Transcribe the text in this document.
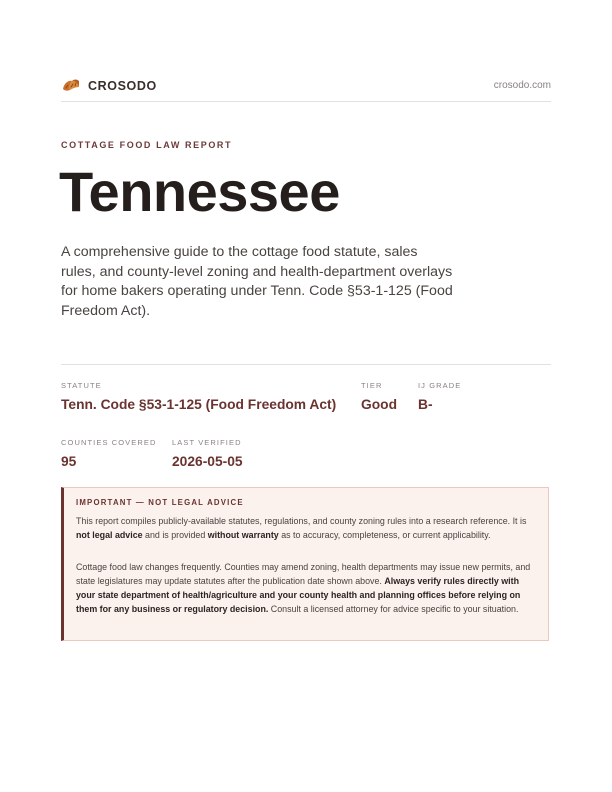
CROSODO	crosodo.com
COTTAGE FOOD LAW REPORT
Tennessee

A comprehensive guide to the cottage food statute, sales rules, and county-level zoning and health-department overlays for home bakers operating under Tenn. Code §53-1-125 (Food Freedom Act).

STATUTE
Tenn. Code §53-1-125 (Food Freedom Act)
TIER
Good
IJ GRADE
B-
COUNTIES COVERED
95
LAST VERIFIED
2026-05-05
IMPORTANT — NOT LEGAL ADVICE

This report compiles publicly-available statutes, regulations, and county zoning rules into a research reference. It is not legal advice and is provided without warranty as to accuracy, completeness, or current applicability.

Cottage food law changes frequently. Counties may amend zoning, health departments may issue new permits, and state legislatures may update statutes after the publication date shown above. Always verify rules directly with your state department of health/agriculture and your county health and planning offices before relying on them for any business or regulatory decision. Consult a licensed attorney for advice specific to your situation.
